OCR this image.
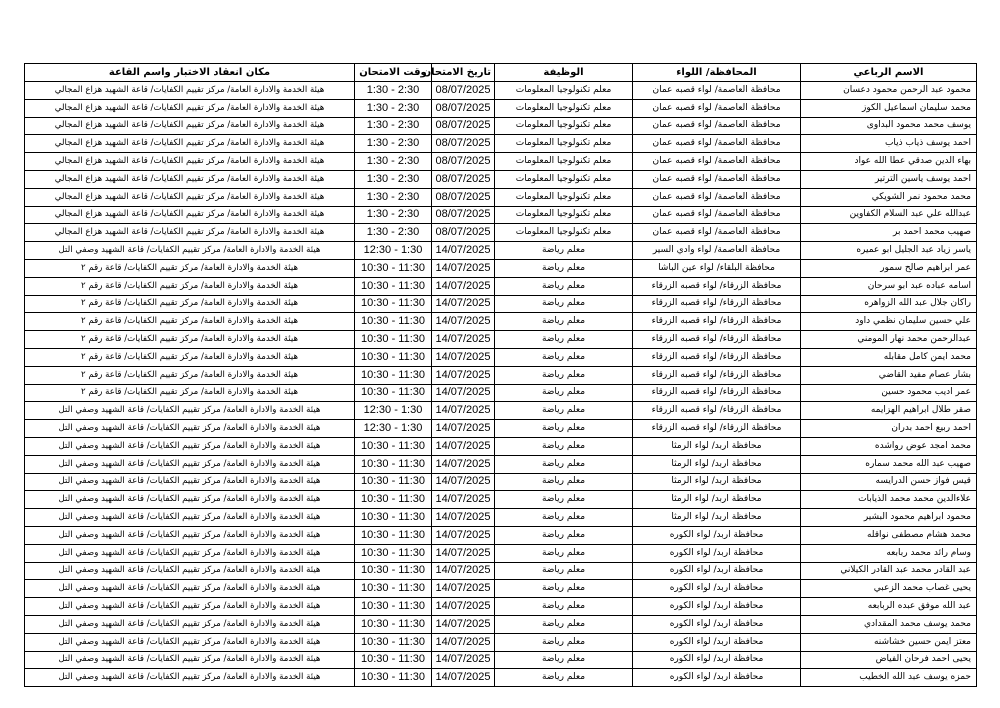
الاسم الرباعي	المحافظة/ اللواء	الوظيفة	تاريخ الامتحان	وقت الامتحان	مكان انعقاد الاختبار واسم القاعة
محمود عبد الرحمن محمود دعسان	محافظة العاصمة/ لواء قصبه عمان	معلم تكنولوجيا المعلومات	08/07/2025	1:30 - 2:30	هيئة الخدمة والادارة العامة/ مركز تقييم الكفايات/ قاعة الشهيد هزاع المجالي
محمد سليمان اسماعيل الكوز	محافظة العاصمة/ لواء قصبه عمان	معلم تكنولوجيا المعلومات	08/07/2025	1:30 - 2:30	هيئة الخدمة والادارة العامة/ مركز تقييم الكفايات/ قاعة الشهيد هزاع المجالي
يوسف محمد محمود البداوى	محافظة العاصمة/ لواء قصبه عمان	معلم تكنولوجيا المعلومات	08/07/2025	1:30 - 2:30	هيئة الخدمة والادارة العامة/ مركز تقييم الكفايات/ قاعة الشهيد هزاع المجالي
احمد يوسف ذياب ذياب	محافظة العاصمة/ لواء قصبه عمان	معلم تكنولوجيا المعلومات	08/07/2025	1:30 - 2:30	هيئة الخدمة والادارة العامة/ مركز تقييم الكفايات/ قاعة الشهيد هزاع المجالي
بهاء الدين صدقي عطا الله عواد	محافظة العاصمة/ لواء قصبه عمان	معلم تكنولوجيا المعلومات	08/07/2025	1:30 - 2:30	هيئة الخدمة والادارة العامة/ مركز تقييم الكفايات/ قاعة الشهيد هزاع المجالي
احمد يوسف ياسين الترتير	محافظة العاصمة/ لواء قصبه عمان	معلم تكنولوجيا المعلومات	08/07/2025	1:30 - 2:30	هيئة الخدمة والادارة العامة/ مركز تقييم الكفايات/ قاعة الشهيد هزاع المجالي
محمد محمود نمر الشويكي	محافظة العاصمة/ لواء قصبه عمان	معلم تكنولوجيا المعلومات	08/07/2025	1:30 - 2:30	هيئة الخدمة والادارة العامة/ مركز تقييم الكفايات/ قاعة الشهيد هزاع المجالي
عبدالله علي عبد السلام الكفاوين	محافظة العاصمة/ لواء قصبه عمان	معلم تكنولوجيا المعلومات	08/07/2025	1:30 - 2:30	هيئة الخدمة والادارة العامة/ مركز تقييم الكفايات/ قاعة الشهيد هزاع المجالي
صهيب محمد احمد بر	محافظة العاصمة/ لواء قصبه عمان	معلم تكنولوجيا المعلومات	08/07/2025	1:30 - 2:30	هيئة الخدمة والادارة العامة/ مركز تقييم الكفايات/ قاعة الشهيد هزاع المجالي
ياسر زياد عبد الجليل ابو عميره	محافظة العاصمة/ لواء وادي السير	معلم رياضة	14/07/2025	12:30 - 1:30	هيئة الخدمة والادارة العامة/ مركز تقييم الكفايات/ قاعة الشهيد وصفي التل
عمر ابراهيم صالح سمور	محافظة البلقاء/ لواء عين الباشا	معلم رياضة	14/07/2025	10:30 - 11:30	هيئة الخدمة والادارة العامة/ مركز تقييم الكفايات/ قاعة رقم ٢
اسامه عباده عبد ابو سرحان	محافظة الزرقاء/ لواء قصبه الزرقاء	معلم رياضة	14/07/2025	10:30 - 11:30	هيئة الخدمة والادارة العامة/ مركز تقييم الكفايات/ قاعة رقم ٢
راكان جلال عبد الله الزواهره	محافظة الزرقاء/ لواء قصبه الزرقاء	معلم رياضة	14/07/2025	10:30 - 11:30	هيئة الخدمة والادارة العامة/ مركز تقييم الكفايات/ قاعة رقم ٢
علي حسين سليمان نظمي داود	محافظة الزرقاء/ لواء قصبه الزرقاء	معلم رياضة	14/07/2025	10:30 - 11:30	هيئة الخدمة والادارة العامة/ مركز تقييم الكفايات/ قاعة رقم ٢
عبدالرحمن محمد نهار المومني	محافظة الزرقاء/ لواء قصبه الزرقاء	معلم رياضة	14/07/2025	10:30 - 11:30	هيئة الخدمة والادارة العامة/ مركز تقييم الكفايات/ قاعة رقم ٢
محمد ايمن كامل مقابله	محافظة الزرقاء/ لواء قصبه الزرقاء	معلم رياضة	14/07/2025	10:30 - 11:30	هيئة الخدمة والادارة العامة/ مركز تقييم الكفايات/ قاعة رقم ٢
بشار عصام مفيد القاضي	محافظة الزرقاء/ لواء قصبه الزرقاء	معلم رياضة	14/07/2025	10:30 - 11:30	هيئة الخدمة والادارة العامة/ مركز تقييم الكفايات/ قاعة رقم ٢
عمر اديب محمود حسين	محافظة الزرقاء/ لواء قصبه الزرقاء	معلم رياضة	14/07/2025	10:30 - 11:30	هيئة الخدمة والادارة العامة/ مركز تقييم الكفايات/ قاعة رقم ٢
صقر طلال ابراهيم الهزايمه	محافظة الزرقاء/ لواء قصبه الزرقاء	معلم رياضة	14/07/2025	12:30 - 1:30	هيئة الخدمة والادارة العامة/ مركز تقييم الكفايات/ قاعة الشهيد وصفي التل
احمد ربيع احمد بدران	محافظة الزرقاء/ لواء قصبه الزرقاء	معلم رياضة	14/07/2025	12:30 - 1:30	هيئة الخدمة والادارة العامة/ مركز تقييم الكفايات/ قاعة الشهيد وصفي التل
محمد امجد عوض رواشده	محافظة اربد/ لواء الرمثا	معلم رياضة	14/07/2025	10:30 - 11:30	هيئة الخدمة والادارة العامة/ مركز تقييم الكفايات/ قاعة الشهيد وصفي التل
صهيب عبد الله محمد سماره	محافظة اربد/ لواء الرمثا	معلم رياضة	14/07/2025	10:30 - 11:30	هيئة الخدمة والادارة العامة/ مركز تقييم الكفايات/ قاعة الشهيد وصفي التل
قيس فواز حسن الدرايسه	محافظة اربد/ لواء الرمثا	معلم رياضة	14/07/2025	10:30 - 11:30	هيئة الخدمة والادارة العامة/ مركز تقييم الكفايات/ قاعة الشهيد وصفي التل
علاءالدين محمد محمد الذيابات	محافظة اربد/ لواء الرمثا	معلم رياضة	14/07/2025	10:30 - 11:30	هيئة الخدمة والادارة العامة/ مركز تقييم الكفايات/ قاعة الشهيد وصفي التل
محمود ابراهيم محمود البشير	محافظة اربد/ لواء الرمثا	معلم رياضة	14/07/2025	10:30 - 11:30	هيئة الخدمة والادارة العامة/ مركز تقييم الكفايات/ قاعة الشهيد وصفي التل
محمد هشام مصطفى نواقله	محافظة اربد/ لواء الكوره	معلم رياضة	14/07/2025	10:30 - 11:30	هيئة الخدمة والادارة العامة/ مركز تقييم الكفايات/ قاعة الشهيد وصفي التل
وسام رائد محمد ربابعه	محافظة اربد/ لواء الكوره	معلم رياضة	14/07/2025	10:30 - 11:30	هيئة الخدمة والادارة العامة/ مركز تقييم الكفايات/ قاعة الشهيد وصفي التل
عبد القادر محمد عبد القادر الكيلاني	محافظة اربد/ لواء الكوره	معلم رياضة	14/07/2025	10:30 - 11:30	هيئة الخدمة والادارة العامة/ مركز تقييم الكفايات/ قاعة الشهيد وصفي التل
يحيى غصاب محمد الزعبي	محافظة اربد/ لواء الكوره	معلم رياضة	14/07/2025	10:30 - 11:30	هيئة الخدمة والادارة العامة/ مركز تقييم الكفايات/ قاعة الشهيد وصفي التل
عبد الله موفق عبده الربابعه	محافظة اربد/ لواء الكوره	معلم رياضة	14/07/2025	10:30 - 11:30	هيئة الخدمة والادارة العامة/ مركز تقييم الكفايات/ قاعة الشهيد وصفي التل
محمد يوسف محمد المقدادي	محافظة اربد/ لواء الكوره	معلم رياضة	14/07/2025	10:30 - 11:30	هيئة الخدمة والادارة العامة/ مركز تقييم الكفايات/ قاعة الشهيد وصفي التل
معتز ايمن حسين خشاشنه	محافظة اربد/ لواء الكوره	معلم رياضة	14/07/2025	10:30 - 11:30	هيئة الخدمة والادارة العامة/ مركز تقييم الكفايات/ قاعة الشهيد وصفي التل
يحيى احمد فرحان الفياض	محافظة اربد/ لواء الكوره	معلم رياضة	14/07/2025	10:30 - 11:30	هيئة الخدمة والادارة العامة/ مركز تقييم الكفايات/ قاعة الشهيد وصفي التل
حمزه يوسف عبد الله الخطيب	محافظة اربد/ لواء الكوره	معلم رياضة	14/07/2025	10:30 - 11:30	هيئة الخدمة والادارة العامة/ مركز تقييم الكفايات/ قاعة الشهيد وصفي التل
